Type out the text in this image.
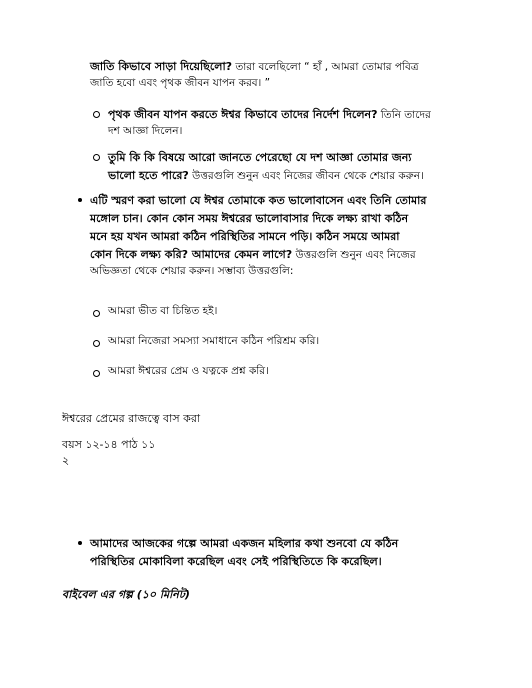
জাতি কিভাবে সাড়া দিয়েছিলো? তারা বলেছিলো “ হাঁ , আমরা তোমার পবিত্র
জাতি হবো এবং পৃথক জীবন যাপন করব। ”
পৃথক জীবন যাপন করতে ঈশ্বর কিভাবে তাদের নির্দেশ দিলেন? তিনি তাদের
দশ আজ্ঞা দিলেন।
তুমি কি কি বিষয়ে আরো জানতে পেরেছো যে দশ আজ্ঞা তোমার জন্য
ভালো হতে পারে? উত্তরগুলি শুনুন এবং নিজের জীবন থেকে শেয়ার করুন।
এটি স্মরণ করা ভালো যে ঈশ্বর তোমাকে কত ভালোবাসেন এবং তিনি তোমার
মঙ্গোল চান। কোন কোন সময় ঈশ্বরের ভালোবাসার দিকে লক্ষ্য রাখা কঠিন
মনে হয় যখন আমরা কঠিন পরিস্থিতির সামনে পড়ি। কঠিন সময়ে আমরা
কোন দিকে লক্ষ্য করি? আমাদের কেমন লাগে? উত্তরগুলি শুনুন এবং নিজের
অভিজ্ঞতা থেকে শেয়ার করুন। সম্ভাব্য উত্তরগুলি:
আমরা ভীত বা চিন্তিত হই।
আমরা নিজেরা সমস্যা সমাধানে কঠিন পরিশ্রম করি।
আমরা ঈশ্বরের প্রেম ও যত্নকে প্রশ্ন করি।
ঈশ্বরের প্রেমের রাজত্বে বাস করা
বয়স ১২-১৪ পাঠ ১১
২
আমাদের আজকের গল্পে আমরা একজন মহিলার কথা শুনবো যে কঠিন
পরিস্থিতির মোকাবিলা করেছিল এবং সেই পরিস্থিতিতে কি করেছিল।
বাইবেল এর গল্প (১০ মিনিট)
